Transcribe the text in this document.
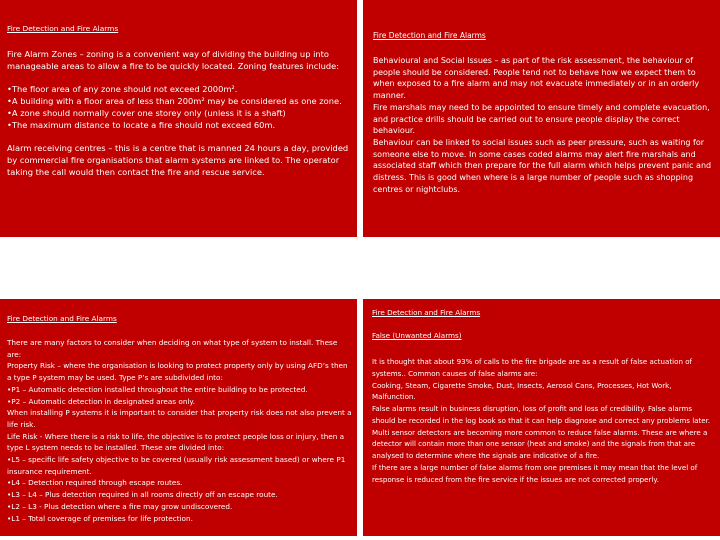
Fire Detection and Fire Alarms

Fire Alarm Zones – zoning is a convenient way of dividing the building up into manageable areas to allow a fire to be quickly located. Zoning features include:

•The floor area of any zone should not exceed 2000m².

•A building with a floor area of less than 200m² may be considered as one zone.

•A zone should normally cover one storey only (unless it is a shaft)

•The maximum distance to locate a fire should not exceed 60m.

Alarm receiving centres – this is a centre that is manned 24 hours a day, provided by commercial fire organisations that alarm systems are linked to. The operator taking the call would then contact the fire and rescue service.

Fire Detection and Fire Alarms

Behavioural and Social Issues – as part of the risk assessment, the behaviour of people should be considered. People tend not to behave how we expect them to when exposed to a fire alarm and may not evacuate immediately or in an orderly manner.

Fire marshals may need to be appointed to ensure timely and complete evacuation, and practice drills should be carried out to ensure people display the correct behaviour.

Behaviour can be linked to social issues such as peer pressure, such as waiting for someone else to move. In some cases coded alarms may alert fire marshals and associated staff which then prepare for the full alarm which helps prevent panic and distress. This is good when where is a large number of people such as shopping centres or nightclubs.

Fire Detection and Fire Alarms

There are many factors to consider when deciding on what type of system to install. These are:

Property Risk – where the organisation is looking to protect property only by using AFD’s then a type P system may be used. Type P’s are subdivided into:

•P1 – Automatic detection installed throughout the entire building to be protected.

•P2 – Automatic detection in designated areas only.

When installing P systems it is important to consider that property risk does not also prevent a life risk.

Life Risk - Where there is a risk to life, the objective is to protect people loss or injury, then a type L system needs to be installed. These are divided into:

•L5 – specific life safety objective to be covered (usually risk assessment based) or where P1 insurance requirement.

•L4 – Detection required through escape routes.

•L3 – L4 – Plus detection required in all rooms directly off an escape route.

•L2 – L3 - Plus detection where a fire may grow undiscovered.

•L1 – Total coverage of premises for life protection.

Fire Detection and Fire Alarms
False (Unwanted Alarms)

It is thought that about 93% of calls to the fire brigade are as a result of false actuation of systems.. Common causes of false alarms are:

Cooking, Steam, Cigarette Smoke, Dust, Insects, Aerosol Cans, Processes, Hot Work, Malfunction.

False alarms result in business disruption, loss of profit and loss of credibility. False alarms should be recorded in the log book so that it can help diagnose and correct any problems later.

Multi sensor detectors are becoming more common to reduce false alarms. These are where a detector will contain more than one sensor (heat and smoke) and the signals from that are analysed to determine where the signals are indicative of a fire.

If there are a large number of false alarms from one premises it may mean that the level of response is reduced from the fire service if the issues are not corrected properly.
